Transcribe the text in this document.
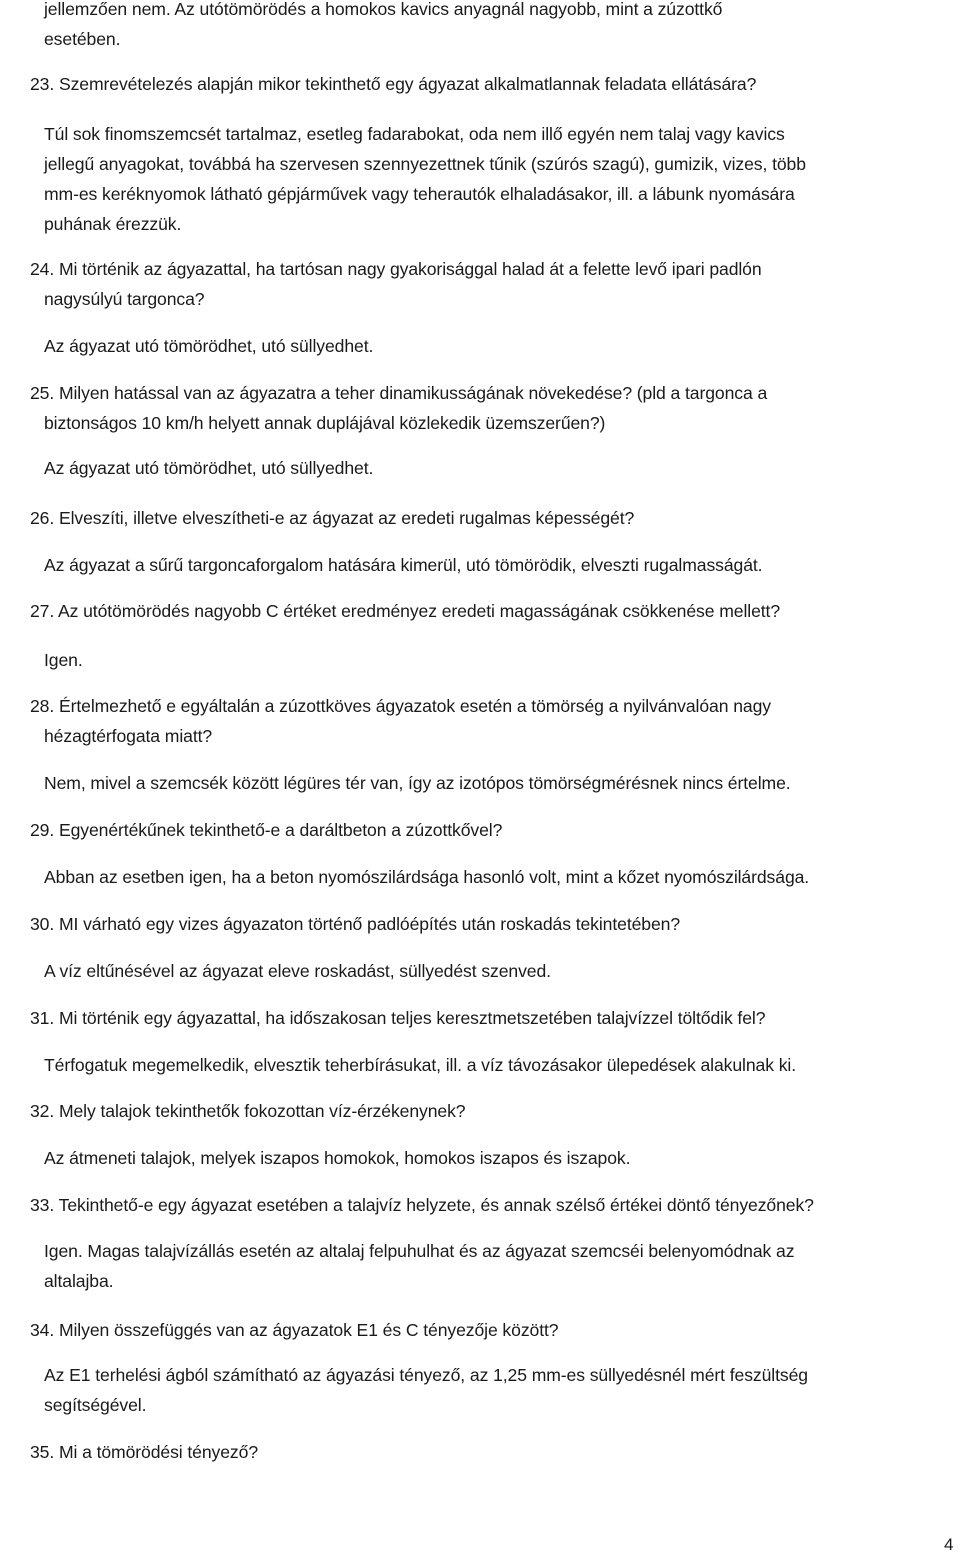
jellemzően nem. Az utótömörödés a homokos kavics anyagnál nagyobb, mint a zúzottkő

esetében.

23. Szemrevételezés alapján mikor tekinthető egy ágyazat alkalmatlannak feladata ellátására?

Túl sok finomszemcsét tartalmaz, esetleg fadarabokat, oda nem illő egyén nem talaj vagy kavics

jellegű anyagokat, továbbá ha szervesen szennyezettnek tűnik (szúrós szagú), gumizik, vizes, több

mm-es keréknyomok látható gépjárművek vagy teherautók elhaladásakor, ill. a lábunk nyomására

puhának érezzük.

24. Mi történik az ágyazattal, ha tartósan nagy gyakorisággal halad át a felette levő ipari padlón

nagysúlyú targonca?

Az ágyazat utó tömörödhet, utó süllyedhet.

25. Milyen hatással van az ágyazatra a teher dinamikusságának növekedése? (pld a targonca a

biztonságos 10 km/h helyett annak duplájával közlekedik üzemszerűen?)

Az ágyazat utó tömörödhet, utó süllyedhet.

26. Elveszíti, illetve elveszítheti-e az ágyazat az eredeti rugalmas képességét?

Az ágyazat a sűrű targoncaforgalom hatására kimerül, utó tömörödik, elveszti rugalmasságát.

27. Az utótömörödés nagyobb C értéket eredményez eredeti magasságának csökkenése mellett?

Igen.

28. Értelmezhető e egyáltalán a zúzottköves ágyazatok esetén a tömörség a nyilvánvalóan nagy

hézagtérfogata miatt?

Nem, mivel a szemcsék között légüres tér van, így az izotópos tömörségmérésnek nincs értelme.

29. Egyenértékűnek tekinthető-e a daráltbeton a zúzottkővel?

Abban az esetben igen, ha a beton nyomószilárdsága hasonló volt, mint a kőzet nyomószilárdsága.

30. MI várható egy vizes ágyazaton történő padlóépítés után roskadás tekintetében?

A víz eltűnésével az ágyazat eleve roskadást, süllyedést szenved.

31. Mi történik egy ágyazattal, ha időszakosan teljes keresztmetszetében talajvízzel töltődik fel?

Térfogatuk megemelkedik, elvesztik teherbírásukat, ill. a víz távozásakor ülepedések alakulnak ki.

32. Mely talajok tekinthetők fokozottan víz-érzékenynek?

Az átmeneti talajok, melyek iszapos homokok, homokos iszapos és iszapok.

33. Tekinthető-e egy ágyazat esetében a talajvíz helyzete, és annak szélső értékei döntő tényezőnek?

Igen. Magas talajvízállás esetén az altalaj felpuhulhat és az ágyazat szemcséi belenyomódnak az

altalajba.

34. Milyen összefüggés van az ágyazatok E1 és C tényezője között?

Az E1 terhelési ágból számítható az ágyazási tényező, az 1,25 mm-es süllyedésnél mért feszültség

segítségével.

35. Mi a tömörödési tényező?

4
